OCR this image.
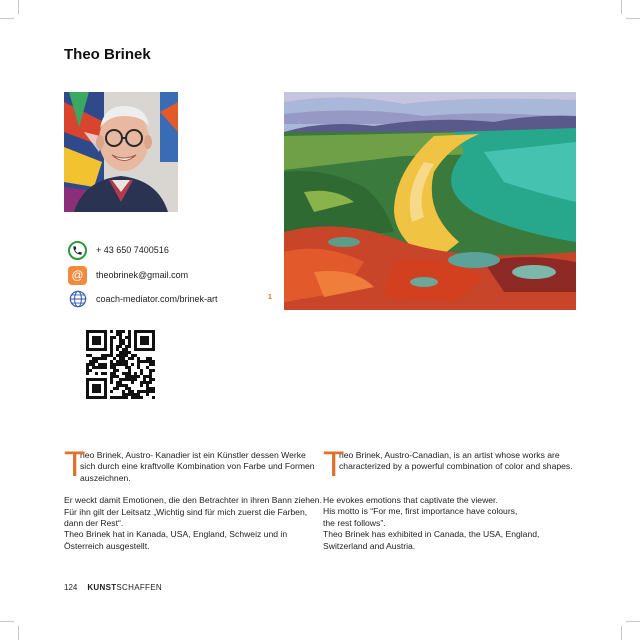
Theo Brinek
1
+ 43 650 7400516
@	theobrinek@gmail.com
coach-mediator.com/brinek-art
T

heo Brinek, Austro- Kanadier ist ein Künstler dessen Werke sich durch eine kraftvolle Kombination von Farbe und Formen auszeichnen.

Er weckt damit Emotionen, die den Betrachter in ihren Bann ziehen. Für ihn gilt der Leitsatz „Wichtig sind für mich zuerst die Farben, dann der Rest“.

Theo Brinek hat in Kanada, USA, England, Schweiz und in Österreich ausgestellt.

T

heo Brinek, Austro-Canadian, is an artist whose works are characterized by a powerful combination of color and shapes.

He evokes emotions that captivate the viewer.

His motto is “For me, first importance have colours,

the rest follows”.

Theo Brinek has exhibited in Canada, the USA, England, Switzerland and Austria.

124 KUNSTSCHAFFEN
